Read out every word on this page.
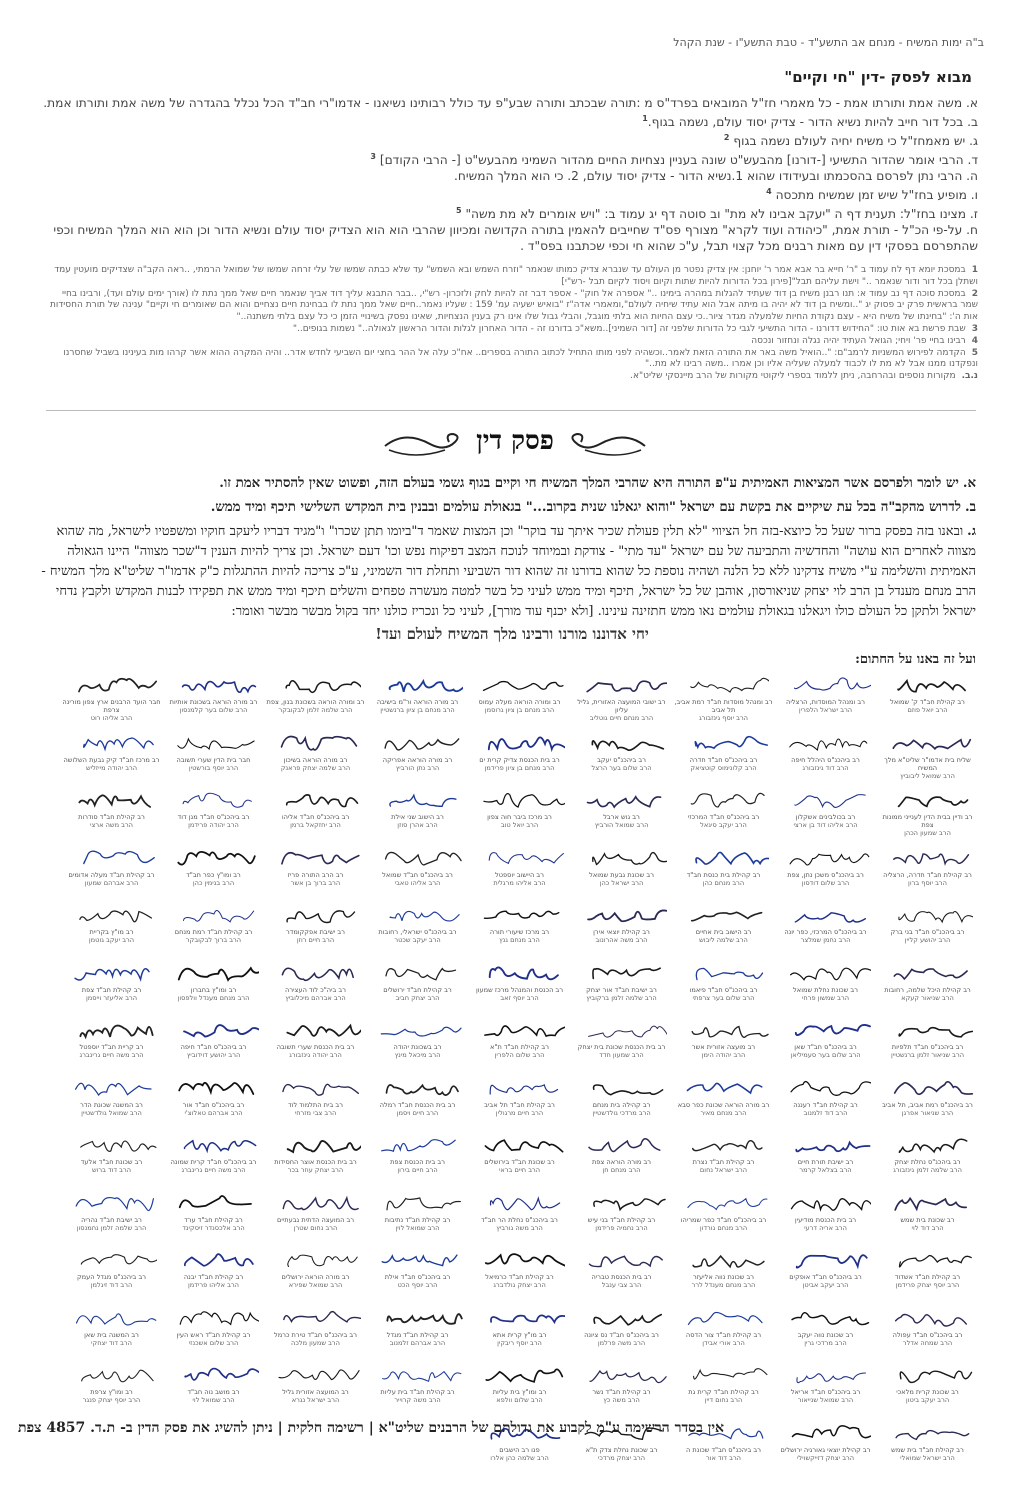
ב"ה ימות המשיח - מנחם אב התשע"ד - טבת התשע"ו - שנת הקהל
מבוא לפסק -דין "חי וקיים"
א. משה אמת ותורתו אמת - כל מאמרי חז"ל המובאים בפרד"ס מ :תורה שבכתב ותורה שבע"פ עד כולל רבותינו נשיאנו - אדמו"רי חב"ד הכל נכלל בהגדרה של משה אמת ותורתו אמת.
ב. בכל דור חייב להיות נשיא הדור - צדיק יסוד עולם, נשמה בגוף.$^1$
ג. יש מאמחז"ל כי משיח יחיה לעולם נשמה בגוף $^2$
ד. הרבי אומר שהדור התשיעי [-דורנו] מהבעש"ט שונה בעניין נצחיות החיים מהדור השמיני מהבעש"ט [- הרבי הקודם] $^3$
ה. הרבי נתן לפרסם בהסכמתו ובעידודו שהוא 1.נשיא הדור - צדיק יסוד עולם, 2. כי הוא המלך המשיח.
ו. מופיע בחז"ל שיש זמן שמשיח מתכסה $^4$
ז. מצינו בחז"ל: תענית דף ה "יעקב אבינו לא מת" וב סוטה דף יג עמוד ב: "ויש אומרים לא מת משה" $^5$
ח. על-פי הכ"ל - תורת אמת, "כיהודה ועוד לקרא" מצורף פס"ד שחייבים להאמין בתורה הקדושה ומכיוון שהרבי הוא הוא הצדיק יסוד עולם ונשיא הדור וכן הוא הוא המלך המשיח וכפי שהתפרסם בפסקי דין עם מאות רבנים מכל קצוי תבל, ע"כ שהוא חי וכפי שכתבנו בפס"ד .
1במסכת יומא דף לח עמוד ב "ר' חייא בר אבא אמר ר' יוחנן: אין צדיק נפטר מן העולם עד שנברא צדיק כמותו שנאמר "וזרח השמש ובא השמש" עד שלא כבתה שמשו של עלי זרחה שמשו של שמואל הרמתי, ..ראה הקב"ה שצדיקים מועטין עמד ושתלן בכל דור ודור שנאמר .." וישת עליהם תבל"[פירון בכל הדורות להיות שתות וקיום ויסוד לקיום תבל -רש"י]
2במסכת סוכה דף נב עמוד א: תנו רבנן משיח בן דוד שעתיד להגלות במהרה בימינו .." אספרה אל חוק" - אספר דבר זה להיות לחק ולזכרון- רש"י, ..בבר התבגא עליך דוד אביך שנאמר חיים שאל ממך נתת לו (אורך ימים עולם ועד), ורבינו בחיי שמר בראשית פרק יב פסוק יג "..ומשיח בן דוד לא יהיה בו מיתה אבל הוא עתיד שיחיה לעולם",ומאמרי אדה"ז "בואיש ישעיה עמ' 159 : שעליו נאמר..חיים שאל ממך נתת לו בבחינת חיים נצחיים והוא הם שאומרים חי וקיים" ענינה של תורת החסידות אות ה': "בחינתו של משיח היא - עצם נקודת החיות שלמעלה מגדר ציור..כי עצם החיות הוא בלתי מוגבל, והבלי גבול שלו אינו רק בענין הנצחיות, שאינו נפסק בשינויי הזמן כי כל עצם בלתי משתנה.."
3שבת פרשת בא אות טו: "החידוש דדורנו - הדור התשיעי לגבי כל הדורות שלפני זה [דור השמיני]..משא"כ בדורנו זה - הדור האחרון לגלות והדור הראשון לגאולה.." נשמות בגופים.."
4רבינו בחיי פר' ויחי; הגואל העתיד יהיה נגלה ונחזור ונכסה
5הקדמה לפירוש המשניות לרמב"ם: "..הואיל משה באר את התורה הזאת לאמר..וכשהיה לפני מותו התחיל לכתוב התורה בספרים.. אח"כ עלה אל ההר בחצי יום השביעי לחדש אדר.. והיה המקרה ההוא אשר קרהו מות בעינינו בשביל שחסרנו ונפקדנו ממנו אבל לא מת לו לכבוד למעלה שעליה אליו וכן אמרו ..משה רבינו לא מת.."
נ.ב.מקורות נוספים ובהרחבה, ניתן ללמוד בספרי ליקוטי מקורות של הרב מיינסקי שליט"א.
פסק דין
א.יש לומר ולפרסם אשר המציאות האמיתית ע"פ התורה היא שהרבי המלך המשיח חי וקיים בגוף גשמי בעולם הזה, ופשוט שאין להסתיר אמת זו.
ב.לדרוש מהקב"ה בכל עת שיקיים את בקשת עם ישראל "והוא יגאלנו שנית בקרוב..." בגאולת עולמים ובבנין בית המקדש השלישי תיכף ומיד ממש.
ג.ובאנו בזה בפסק ברור שעל כל כיוצא-בזה חל הציווי "לא תלין פעולת שכיר איתך עד בוקר" וכן המצות שאמר ד"ביומו תתן שכרו" ו"מגיד דבריו ליעקב חוקיו ומשפטיו לישראל, מה שהוא מצווה לאחרים הוא עושה" והחדשיה והתביעה של עם ישראל "עד מתי" - צודקת ובמיוחד לנוכח המצב דפיקוח נפש וכו' דעם ישראל. וכן צריך להיות הענין ד"שכר מצווה" היינו הגאולה האמיתית והשלימה ע"י משיח צדקינו ללא כל הלנה ושהיה נוספת כל שהוא בדורנו זה שהוא דור השביעי ותחלת דור השמיני, ע"כ צריכה להיות ההתגלות כ"ק אדמו"ר שליט"א מלך המשיח - הרב מנחם מענדל בן הרב לוי יצחק שניאורסון, אוהבן של כל ישראל, תיכף ומיד ממש לעיני כל בשר למטה מעשרה טפחים והשלים תיכף ומיד ממש את תפקידו לבנות המקדש ולקבץ נדחי ישראל ולתקן כל העולם כולו ויגאלנו בגאולת עולמים נאו ממש חתזינה עינינו. [ולא יכנף עוד מורך], לעיני כל ונכריז כולנו יחד בקול מבשר מבשר ואומר:
יחי אדוננו מורנו ורבינו מלך המשיח לעולם ועד!
ועל זה באנו על החתום:
רב קהילת חב"ד ק' שמואל
הרב יואל פוזם
רב ומנהל המוסדות, הרצליה
הרב ישראל הלפרין
רב ומנהל מוסדות חב"ד רמת אביב, תל אביב
הרב יוסף גינזבורג
רב ישובי המועצה האזורית, גליל עליון
הרב מנחם חיים גוטליב
רב ומורה הוראה מעלה עמוס
הרב מנחם בן ציון גרוסמן
רב מורה הוראה ור"מ בישיבה
הרב מנחם בן ציון ברנשטיין
רב ומורה הוראה בשכונת בנון, צפת
הרב שלמה זלמן לבקובקר
רב מורה הוראה בשכונת אותיות
הרב שלום בער קלמנסון
חבר הועד הרבנים ארץ צפון מורינה צרפת
הרב אליהו רוט
שליח בית אדמו"ר שליט"א מלך המשיח
הרב שמואל ליבוביץ
רב ביהכנ"ס היהלל חיפה
הרב דוד גינזבורג
רב ביהכנ"ס חב"ד חדרה
הרב קלונימוס קוטציאק
רב ביהכנ"ס יעקב
הרב שלום בער הרצל
רב בית הכנסת צדיק קרית ים
הרב מנחם בן ציון פרידמן
רב מורה הוראה אפריקה
הרב נתן הורביץ
רב מורה הוראה בשיכון
הרב שלמה יצחק פראנק
חבר בית הדין שערי תשובה
הרב יוסף בורשטין
רב מרכז חב"ד קיק גבעת השלושה
הרב יהודה מייזליש
רב ודיין בבית הדין לענייני ממונות צפת
הרב שמעון הכהן
רב בכולבינים אשקלון
הרב אליהו דוד בן ארצי
רב ביהכנ"ס חב"ד המרכזי
הרב יעקב סיגאל
רב גוש ארבל
הרב שמואל הורביץ
רב מרכז ביבר חוה צפון
הרב יואל טוב
רב הישוב שני אילת
הרב אהרן סוזן
רב ביהכנ"ס חב"ד אליהו
הרב יחזקאל ברמן
רב ביהכנ"ס חב"ד מגן דוד
הרב יהודה פרידמן
רב קהילת חב"ד סודרות
הרב משה ארצי
רב קהילת חב"ד חדרה, הרצליה
הרב יוסף ברון
רב ביהכנ"ס משכן נתן, צפת
הרב שלום דודסון
רב קהילת בית כנסת חב"ד
הרב מנחם כהן
רב שכונת גבעת שמואל
הרב ישראל כהן
רב היישוב יוספטל
הרב אליהו מרגלית
רב ביהכנ"ס חב"ד שמואל
הרב אליהו טאבי
רב הרב התורה פריז
הרב ברוך בן אשר
רב ומו"ץ כפר חב"ד
הרב בנימין כהן
רב קהילת חב"ד מעלה אדומים
הרב אברהם שמעון
רב ביהכנ"ס חב"ד בני ברק
הרב יהושע קליין
רב ביהכנ"ס המרכזי, כפר יונה
הרב נחמן שמלצר
רב הישוב בית אחיים
הרב שלמה ליבוש
רב קהילת יוצאי אירן
הרב משה אהרונוב
רב מרכז שיעורי תורה
הרב מנחם גנץ
רב ביהכנ"ס ישראלי, רחובות
הרב יעקב שכטר
רב ישיבת אפקקומדר
הרב חיים רוזן
רב קהילת חב"ד רמת מנחם
הרב ברוך לבקובקר
רב מו"ץ בקריית
הרב יעקב גוטמן
רב קהילת היכל שלמה, רחובות
הרב שניאור קעקא
רב שכונת נחלת שמואל
הרב שמשון פרחי
רב ביהכנ"ס חב"ד פיאמו
הרב שלום בער צרפתי
רב ישיבת חב"ד אור יצחק
הרב שלמה זלמן ברקוביץ
רב הכנסת והמנהל מרכז שמעון
הרב יוסף זאב
רב קהילת חב"ד ירושלים
הרב יצחק חביב
רב ביה"כ לוד העצירה
הרב אברהם מיכלוביץ
רב ומו"ץ בחברון
הרב מנחם מענדל וולפסון
רב קהילת חב"ד צפת
הרב אליעזר וייסמן
רב ביהכנ"ס חב"ד תלפיות
הרב שניאור זלמן ברנשטיין
רב ביהכנ"ס חב"ד שאן
הרב שלום בער סעמיליאן
רב מועצה אזורית אשר
הרב יהודה הימן
רב בית הכנסת שכונת בית יצחק
הרב שמעון חדד
רב קהילת חב"ד ת"א
הרב שלום הלפרין
רב בשכונת יהודה
הרב מיכאל מינץ
רב בית הכנסת שערי תשובה
הרב יהודה גינזבורג
רב ביהכנ"ס חב"ד חיפה
הרב יהושע דוידוביץ
רב קריית חב"ד יוספטל
הרב משה חיים גרינברג
רב ביהכנ"ס רמת אביב, תל אביב
הרב שניאור אפרגן
רב קהילת חב"ד רעננה
הרב דוד זלמנוב
רב מורה הוראה שכונת כפר סבא
הרב מנחם מאיר
רב קהילה בית מנחם
הרב מרדכי גולדשטיין
רב קהילת חב"ד תל אביב
הרב חיים מרגולין
רב בית הכנסת חב"ד רמלה
הרב חיים ויסמן
רב בית התלמוד לוד
הרב צבי מזרחי
רב ביהכנ"ס חב"ד אור
הרב אברהם טאלוצ'י
רב המשנה שכונת הדר
הרב שמואל גולדשטיין
רב ביהכנ"ס נחלת יצחק
הרב שלמה זלמן גינזבורג
רב ישיבת תורת חיים
הרב בצלאל קרמר
רב קהילת חב"ד נצרת
הרב ישראל נחום
רב מורה הוראה צפת
הרב מנחם חן
רב שכונת חב"ד בירושלים
הרב חיים בראי
רב בית הכנסת צפת
הרב חיים בירון
רב בית הכנסת אוצר החסידות
הרב יצחק עוזר בכר
רב ביהכנ"ס חב"ד קרית שמונה
הרב משה חיים גרינברג
רב שכונת חב"ד אלעד
הרב דוד ברוש
רב שכונת בית שמש
הרב דוד לוי
רב בית הכנסת מודיעין
הרב אריה דרעי
רב ביהכנ"ס חב"ד כפר שמריהו
הרב מנחם גורדון
רב קהילת חב"ד בני עיש
הרב נחמיה פרידמן
רב ביהכנ"ס נחלת הר חב"ד
הרב משה גורביץ
רב קהילת חב"ד נתיבות
הרב שמואל לוין
רב המועצה הדתית גבעתיים
הרב נחום שטרן
רב קהילת חב"ד ערד
הרב אלכסנדר זיסקינד
רב ישיבת חב"ד נהריה
הרב שלמה זלמן נחמנסון
רב קהילת חב"ד אשדוד
הרב יוסף יצחק פרידמן
רב ביהכנ"ס חב"ד אופקים
הרב יעקב אביטן
רב שכונת נווה אליעזר
הרב מנחם מענדל לרר
רב בית הכנסת טבריה
הרב צבי ענבל
רב קהילת חב"ד כרמיאל
הרב יצחק גולדברג
רב ביהכנ"ס חב"ד אילת
הרב יוסף הכט
רב מורה הוראה ירושלים
הרב שמואל שפירא
רב קהילת חב"ד יבנה
הרב אליהו פרידמן
רב ביהכנ"ס מגדל העמק
הרב דוד זיגלמן
רב ביהכנ"ס חב"ד עפולה
הרב שמחה אדלר
רב שכונת נווה יעקב
הרב מרדכי גרין
רב קהילת חב"ד צור הדסה
הרב אורי אבידן
רב ביהכנ"ס חב"ד נס ציונה
הרב משה פרלמן
רב מו"ץ קרית אתא
הרב יוסף ריבקין
רב קהילת חב"ד מגדל
הרב אברהם זלמנוב
רב ביהכנ"ס חב"ד טירת כרמל
הרב שמעון מלכה
רב קהילת חב"ד ראש העין
הרב שלום אשכנזי
רב המשנה בית שאן
הרב דוד יצחקי
רב שכונת קרית מלאכי
הרב יעקב ביטון
רב ביהכנ"ס חב"ד אריאל
הרב שמואל שנייאור
רב קהילת חב"ד קרית גת
הרב נחום דיין
רב קהילת חב"ד נשר
הרב משה כץ
רב ומו"ץ בית עליות
הרב שלום וולפא
רב קהילת חב"ד בית עליות
הרב משה קרוייר
רב המועצה אזורית גליל
הרב ישראל נגרא
רב מושב נוה חב"ד
הרב שמואל לוי
רב ומו"ץ צרפת
הרב יוסף יצחק פנגר
רב קהילת חב"ד בית שמש
הרב ישראל שמואלי
רב קהילת יוצאי גאורגיה ירושלים
הרב יצחק דזייקשוילי
רב ביהכנ"ס חב"ד שכונת ה
הרב דוד אור
רב שכונת נחלת צדק ת"א
הרב יצחק מרדכי
פנו רב הישבים
הרב שלמה כהן אלרו
אין בסדר הרשימה ע"מ לקבוע את גדולתם של הרבנים שליט"א | רשימה חלקית | ניתן להשיג את פסק הדין ב- ת.ד. 4857 צפת
